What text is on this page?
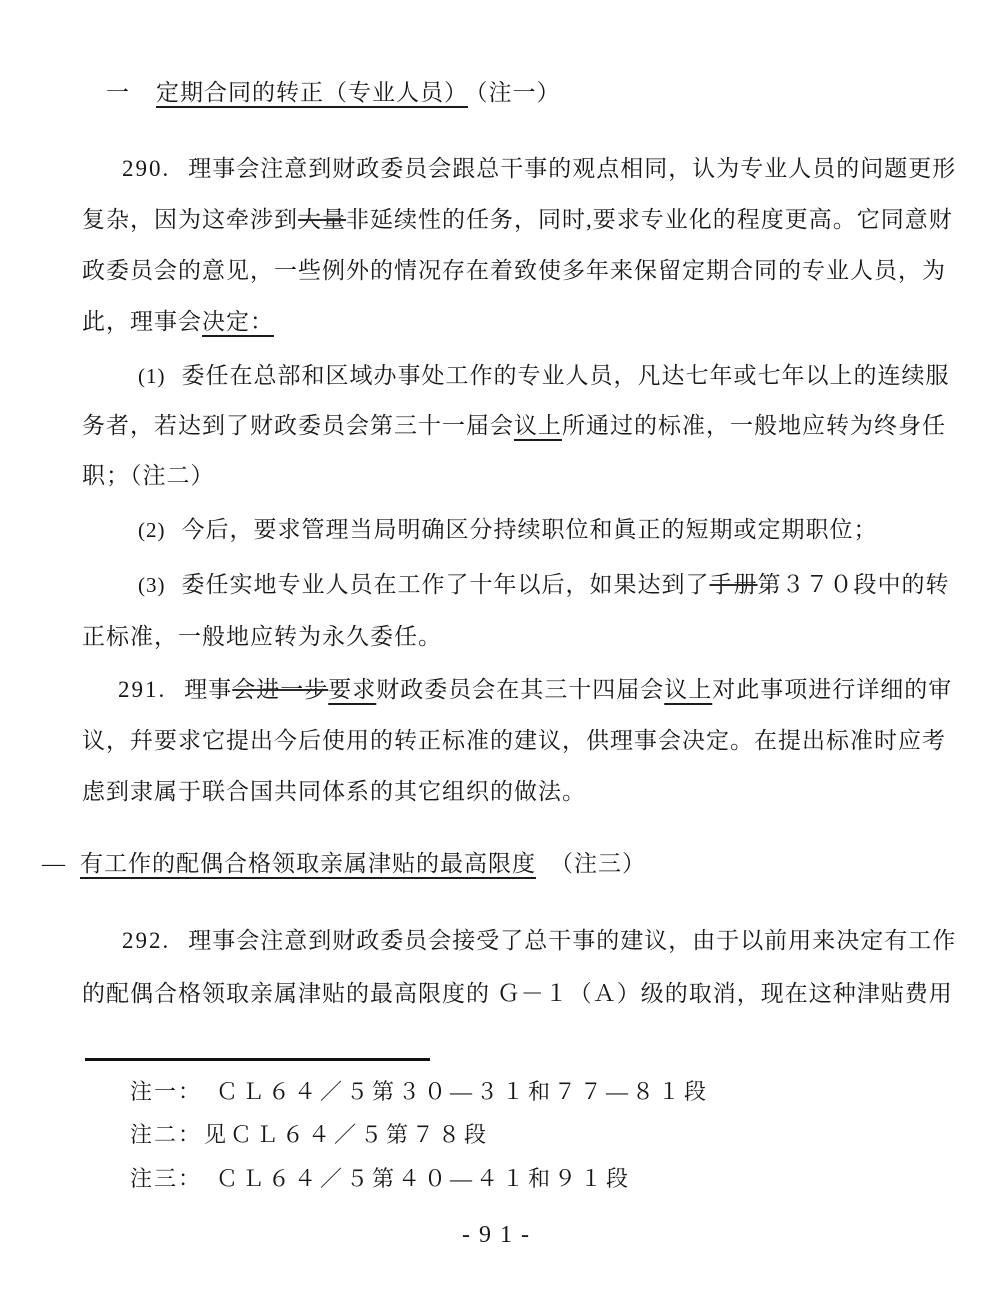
一 定期合同的转正（专业人员） （注一）
290. 理事会注意到财政委员会跟总干事的观点相同，认为专业人员的问题更形
复杂，因为这牵涉到大量非延续性的任务，同时,要求专业化的程度更高。它同意财
政委员会的意见，一些例外的情况存在着致使多年来保留定期合同的专业人员，为
此，理事会决定：
(1) 委任在总部和区域办事处工作的专业人员，凡达七年或七年以上的连续服
务者，若达到了财政委员会第三十一届会议上所通过的标准，一般地应转为终身任
职；（注二）
(2) 今后，要求管理当局明确区分持续职位和眞正的短期或定期职位；
(3) 委任实地专业人员在工作了十年以后，如果达到了手册第３７０段中的转
正标准，一般地应转为永久委任。
291. 理事会进一步要求财政委员会在其三十四届会议上对此事项进行详细的审
议，幷要求它提出今后使用的转正标准的建议，供理事会决定。在提出标准时应考
虑到隶属于联合国共同体系的其它组织的做法。
— 有工作的配偶合格领取亲属津贴的最高限度 （注三）
292. 理事会注意到财政委员会接受了总干事的建议，由于以前用来决定有工作
的配偶合格领取亲属津贴的最高限度的 Ｇ－１（Ａ）级的取消，现在这种津贴费用
注一： ＣＬ６４／５第３０—３１和７７—８１段
注二：见ＣＬ６４／５第７８段
注三： ＣＬ６４／５第４０—４１和９１段
-91-
